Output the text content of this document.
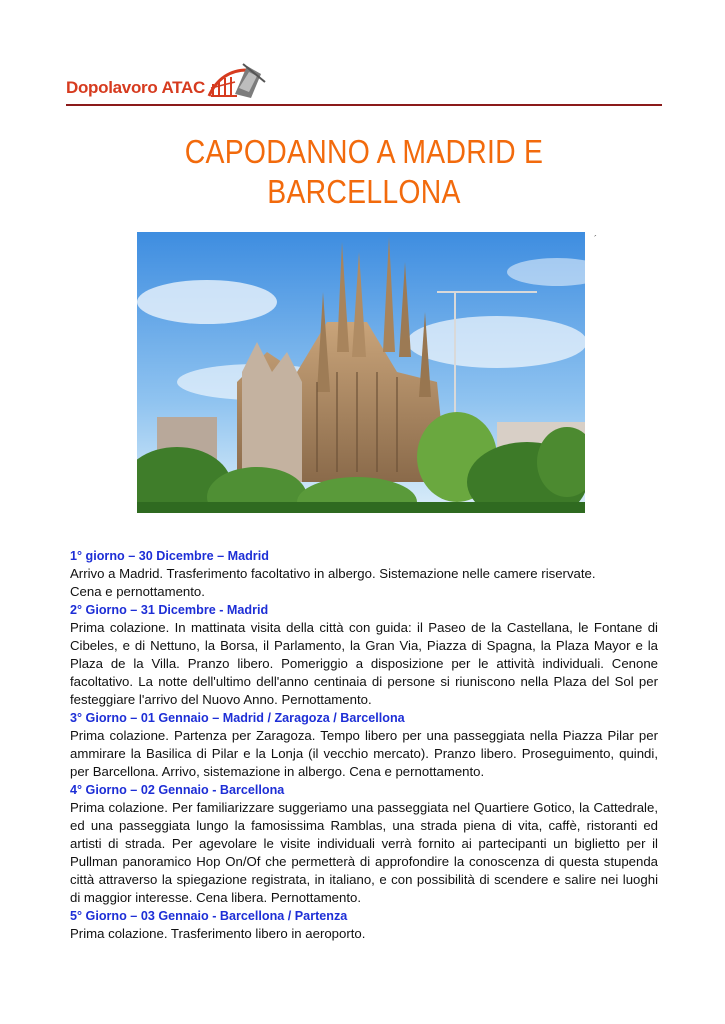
Dopolavoro ATAC
CAPODANNO A MADRID E
BARCELLONA
´
1° giorno – 30 Dicembre – Madrid
Arrivo a Madrid. Trasferimento facoltativo in albergo. Sistemazione nelle camere riservate.
Cena e pernottamento.
2° Giorno – 31 Dicembre - Madrid
Prima colazione. In mattinata visita della città con guida: il Paseo de la Castellana, le Fontane di Cibeles, e di Nettuno, la Borsa, il Parlamento, la Gran Via, Piazza di Spagna, la Plaza Mayor e la Plaza de la Villa. Pranzo libero. Pomeriggio a disposizione per le attività individuali. Cenone facoltativo. La notte dell'ultimo dell'anno centinaia di persone si riuniscono nella Plaza del Sol per festeggiare l'arrivo del Nuovo Anno. Pernottamento.
3° Giorno – 01 Gennaio – Madrid / Zaragoza / Barcellona
Prima colazione. Partenza per Zaragoza. Tempo libero per una passeggiata nella Piazza Pilar per ammirare la Basilica di Pilar e la Lonja (il vecchio mercato). Pranzo libero. Proseguimento, quindi, per Barcellona. Arrivo, sistemazione in albergo. Cena e pernottamento.
4° Giorno – 02 Gennaio - Barcellona
Prima colazione. Per familiarizzare suggeriamo una passeggiata nel Quartiere Gotico, la Cattedrale, ed una passeggiata lungo la famosissima Ramblas, una strada piena di vita, caffè, ristoranti ed artisti di strada. Per agevolare le visite individuali verrà fornito ai partecipanti un biglietto per il Pullman panoramico Hop On/Of che permetterà di approfondire la conoscenza di questa stupenda città attraverso la spiegazione registrata, in italiano, e con possibilità di scendere e salire nei luoghi di maggior interesse. Cena libera. Pernottamento.
5° Giorno – 03 Gennaio - Barcellona / Partenza
Prima colazione. Trasferimento libero in aeroporto.
